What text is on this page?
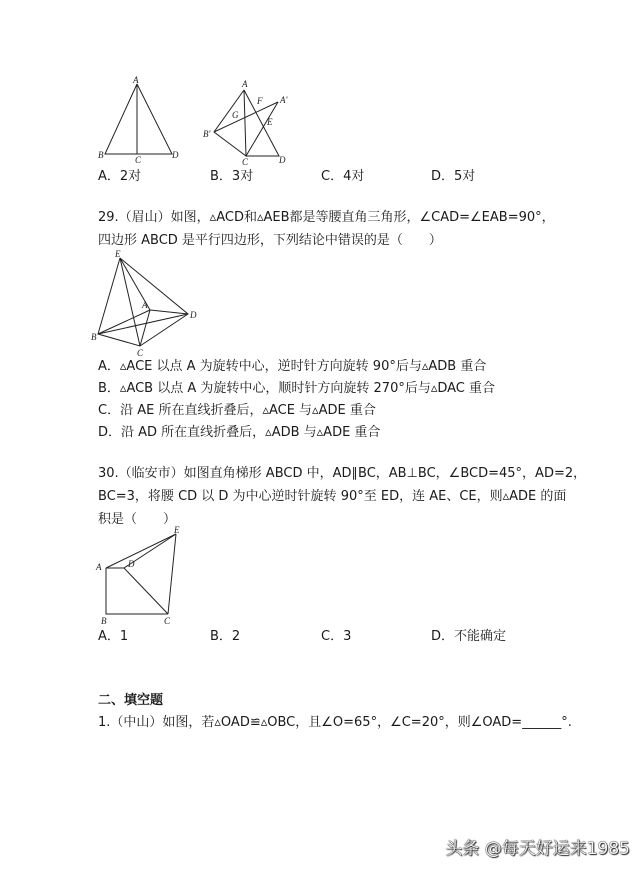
A
B	C	D
A
F A'
G
E
B'
C	D
A．2对	B．3对	C．4对	D．5对
29.（眉山）如图，▵ACD和▵AEB都是等腰直角三角形，∠CAD=∠EAB=90°，
四边形 ABCD 是平行四边形，下列结论中错误的是（　　）
E
A
D
B
C
A．▵ACE 以点 A 为旋转中心，逆时针方向旋转 90°后与▵ADB 重合
B．▵ACB 以点 A 为旋转中心，顺时针方向旋转 270°后与▵DAC 重合
C．沿 AE 所在直线折叠后，▵ACE 与▵ADE 重合
D．沿 AD 所在直线折叠后，▵ADB 与▵ADE 重合
30.（临安市）如图直角梯形 ABCD 中，AD∥BC，AB⊥BC，∠BCD=45°，AD=2，
BC=3，将腰 CD 以 D 为中心逆时针旋转 90°至 ED，连 AE、CE，则▵ADE 的面
积是（　　）
E
A	D
B	C
A．1	B．2	C．3	D．不能确定
二、填空题
1.（中山）如图，若▵OAD≌▵OBC，且∠O=65°，∠C=20°，则∠OAD=______°.
头条 @每天好运来1985
